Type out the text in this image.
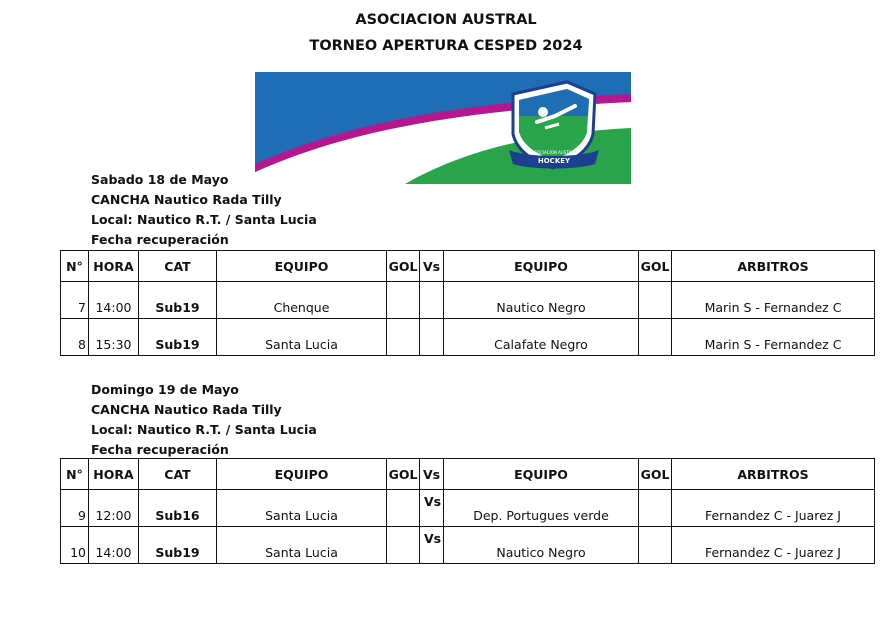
ASOCIACION AUSTRAL
TORNEO APERTURA CESPED 2024
ASOCIACION AUSTRAL
HOCKEY
Sabado 18 de Mayo
CANCHA Nautico Rada Tilly
Local: Nautico R.T. / Santa Lucia
Fecha recuperación
N°	HORA	CAT	EQUIPO	GOL	Vs	EQUIPO	GOL	ARBITROS
7	14:00	Sub19	Chenque			Nautico Negro		Marin S - Fernandez C
8	15:30	Sub19	Santa Lucia			Calafate Negro		Marin S - Fernandez C
Domingo 19 de Mayo
CANCHA Nautico Rada Tilly
Local: Nautico R.T. / Santa Lucia
Fecha recuperación
N°	HORA	CAT	EQUIPO	GOL	Vs	EQUIPO	GOL	ARBITROS
9	12:00	Sub16	Santa Lucia		Vs	Dep. Portugues verde		Fernandez C - Juarez J
10	14:00	Sub19	Santa Lucia		Vs	Nautico Negro		Fernandez C - Juarez J
